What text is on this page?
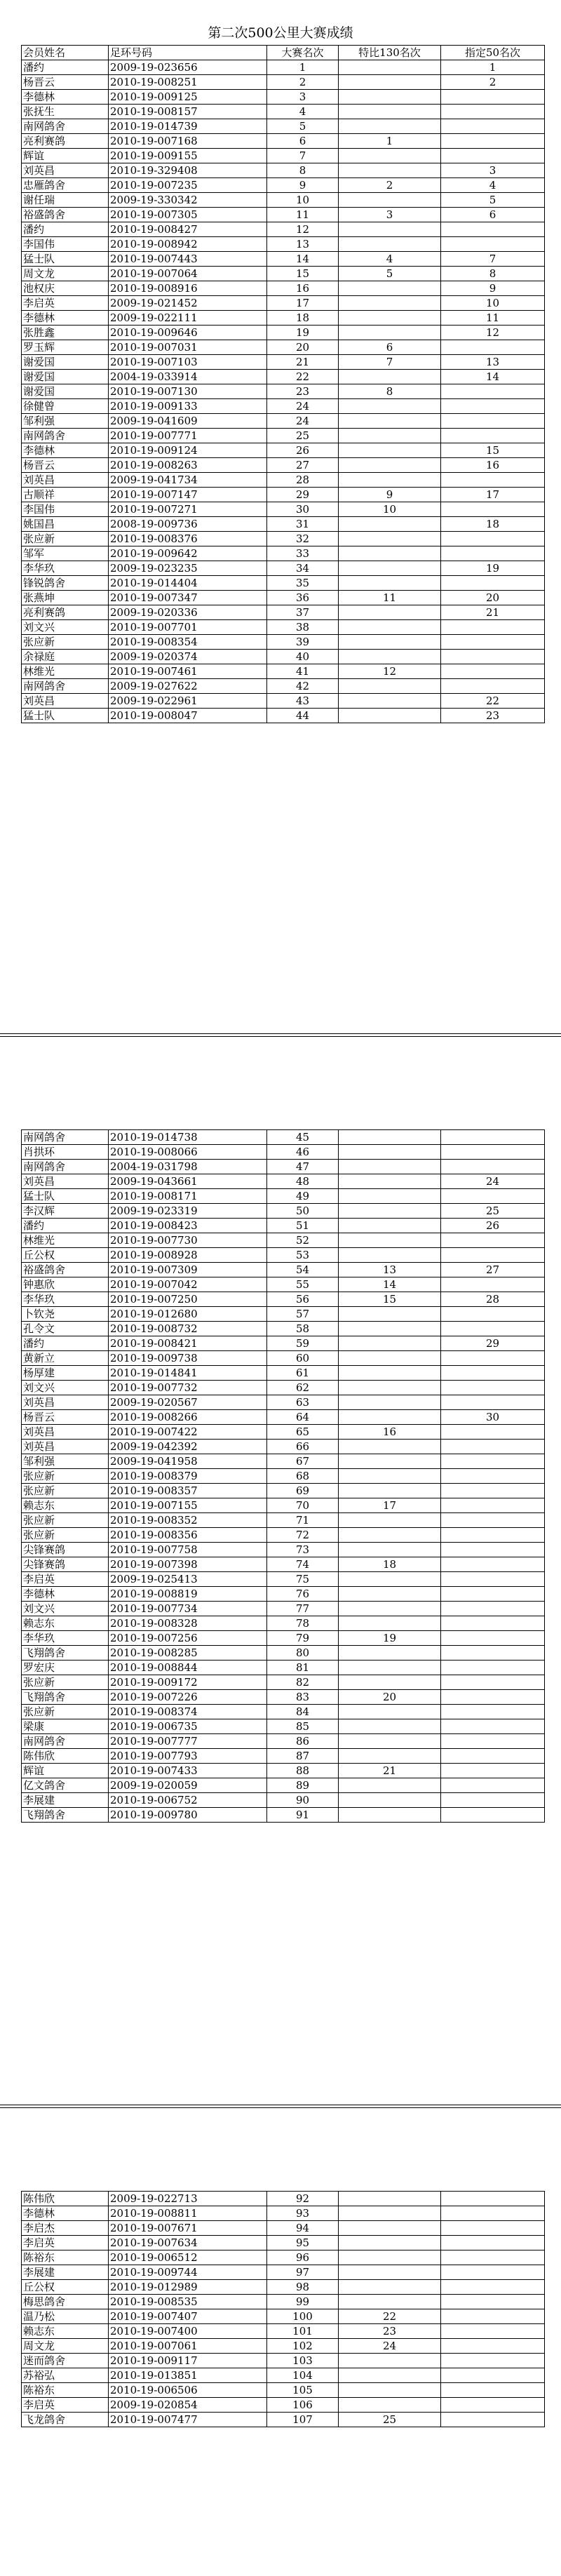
第二次500公里大赛成绩
会员姓名	足环号码	大赛名次	特比130名次	指定50名次
潘约	2009-19-023656	1		1
杨晋云	2010-19-008251	2		2
李德林	2010-19-009125	3		
张抚生	2010-19-008157	4		
南网鸽舍	2010-19-014739	5		
亮利赛鸽	2010-19-007168	6	1	
辉谊	2010-19-009155	7		
刘英昌	2010-19-329408	8		3
忠雁鸽舍	2010-19-007235	9	2	4
谢任瑞	2009-19-330342	10		5
裕盛鸽舍	2010-19-007305	11	3	6
潘约	2010-19-008427	12		
李国伟	2010-19-008942	13		
猛士队	2010-19-007443	14	4	7
周文龙	2010-19-007064	15	5	8
池权庆	2010-19-008916	16		9
李启英	2009-19-021452	17		10
李德林	2009-19-022111	18		11
张胜鑫	2010-19-009646	19		12
罗玉辉	2010-19-007031	20	6	
谢爱国	2010-19-007103	21	7	13
谢爱国	2004-19-033914	22		14
谢爱国	2010-19-007130	23	8	
徐健曾	2010-19-009133	24		
邹利强	2009-19-041609	24		
南网鸽舍	2010-19-007771	25		
李德林	2010-19-009124	26		15
杨晋云	2010-19-008263	27		16
刘英昌	2009-19-041734	28		
古顺祥	2010-19-007147	29	9	17
李国伟	2010-19-007271	30	10	
姚国昌	2008-19-009736	31		18
张应新	2010-19-008376	32		
邹军	2010-19-009642	33		
李华玖	2009-19-023235	34		19
锋锐鸽舍	2010-19-014404	35		
张燕坤	2010-19-007347	36	11	20
亮利赛鸽	2009-19-020336	37		21
刘文兴	2010-19-007701	38		
张应新	2010-19-008354	39		
余禄庭	2009-19-020374	40		
林维光	2010-19-007461	41	12	
南网鸽舍	2009-19-027622	42		
刘英昌	2009-19-022961	43		22
猛士队	2010-19-008047	44		23
南网鸽舍	2010-19-014738	45		
肖拱环	2010-19-008066	46		
南网鸽舍	2004-19-031798	47		
刘英昌	2009-19-043661	48		24
猛士队	2010-19-008171	49		
李汉辉	2009-19-023319	50		25
潘约	2010-19-008423	51		26
林维光	2010-19-007730	52		
丘公权	2010-19-008928	53		
裕盛鸽舍	2010-19-007309	54	13	27
钟惠欣	2010-19-007042	55	14	
李华玖	2010-19-007250	56	15	28
卜钦尧	2010-19-012680	57		
孔令文	2010-19-008732	58		
潘约	2010-19-008421	59		29
黄新立	2010-19-009738	60		
杨厚建	2010-19-014841	61		
刘文兴	2010-19-007732	62		
刘英昌	2009-19-020567	63		
杨晋云	2010-19-008266	64		30
刘英昌	2010-19-007422	65	16	
刘英昌	2009-19-042392	66		
邹利强	2009-19-041958	67		
张应新	2010-19-008379	68		
张应新	2010-19-008357	69		
赖志东	2010-19-007155	70	17	
张应新	2010-19-008352	71		
张应新	2010-19-008356	72		
尖锋赛鸽	2010-19-007758	73		
尖锋赛鸽	2010-19-007398	74	18	
李启英	2009-19-025413	75		
李德林	2010-19-008819	76		
刘文兴	2010-19-007734	77		
赖志东	2010-19-008328	78		
李华玖	2010-19-007256	79	19	
飞翔鸽舍	2010-19-008285	80		
罗宏庆	2010-19-008844	81		
张应新	2010-19-009172	82		
飞翔鸽舍	2010-19-007226	83	20	
张应新	2010-19-008374	84		
梁康	2010-19-006735	85		
南网鸽舍	2010-19-007777	86		
陈伟欣	2010-19-007793	87		
辉谊	2010-19-007433	88	21	
亿文鸽舍	2009-19-020059	89		
李展建	2010-19-006752	90		
飞翔鸽舍	2010-19-009780	91		
陈伟欣	2009-19-022713	92		
李德林	2010-19-008811	93		
李启杰	2010-19-007671	94		
李启英	2010-19-007634	95		
陈裕东	2010-19-006512	96		
李展建	2010-19-009744	97		
丘公权	2010-19-012989	98		
梅思鸽舍	2010-19-008535	99		
温乃松	2010-19-007407	100	22	
赖志东	2010-19-007400	101	23	
周文龙	2010-19-007061	102	24	
迷而鸽舍	2010-19-009117	103		
苏裕弘	2010-19-013851	104		
陈裕东	2010-19-006506	105		
李启英	2009-19-020854	106		
飞龙鸽舍	2010-19-007477	107	25	
